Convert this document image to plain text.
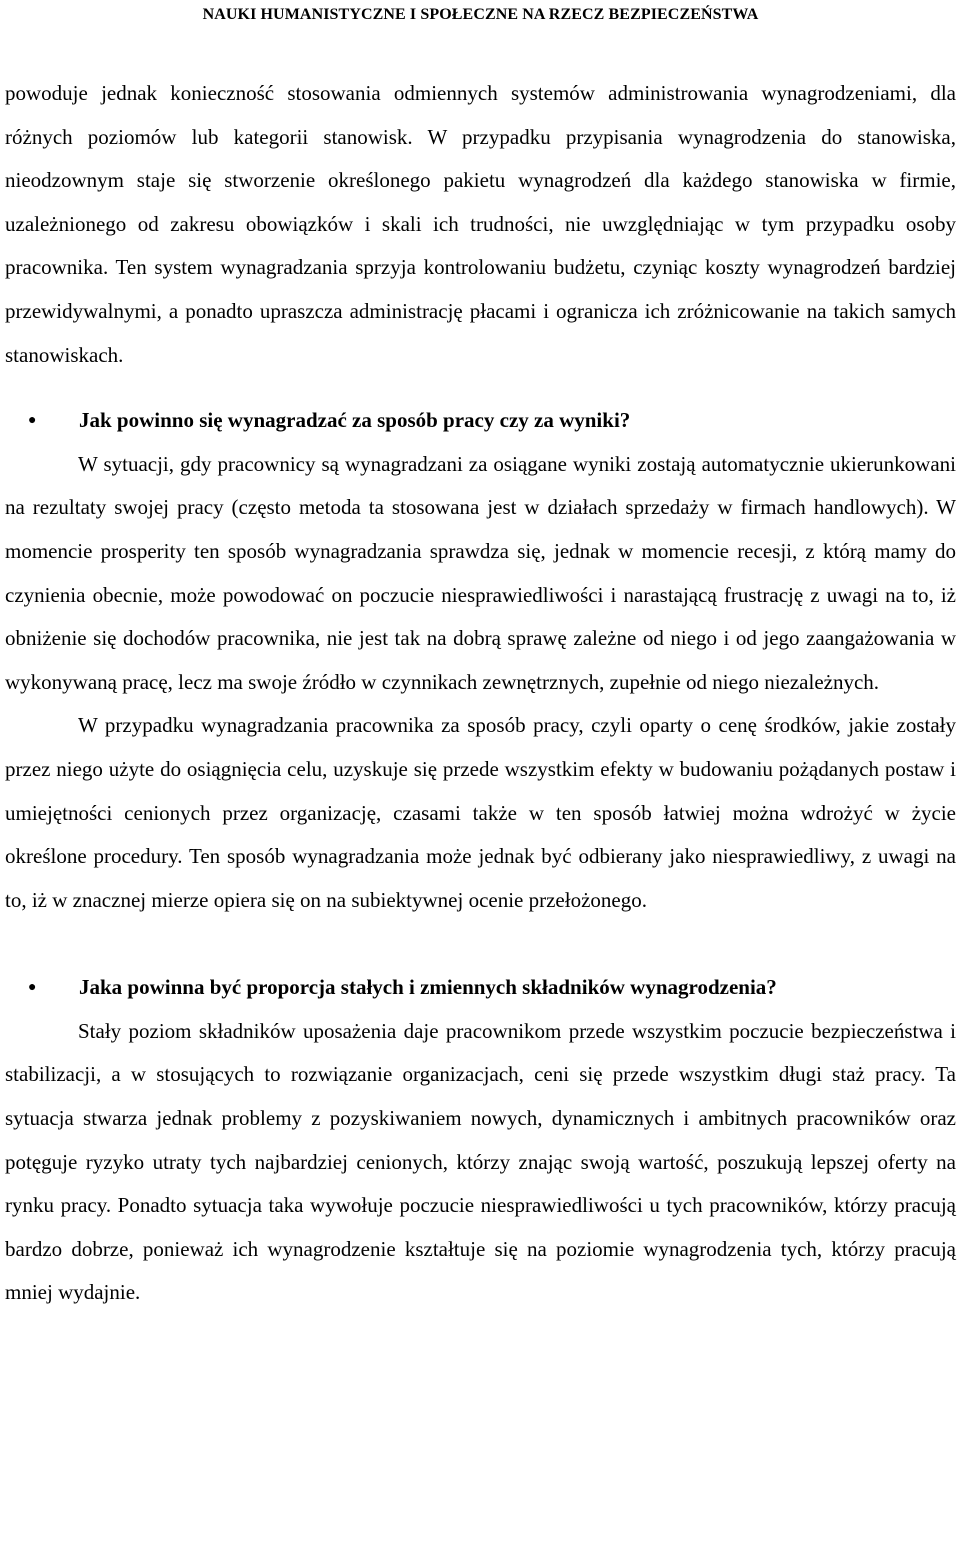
NAUKI HUMANISTYCZNE I SPOŁECZNE NA RZECZ BEZPIECZEŃSTWA

powoduje jednak konieczność stosowania odmiennych systemów administrowania wynagrodzeniami, dla różnych poziomów lub kategorii stanowisk. W przypadku przypisania wynagrodzenia do stanowiska, nieodzownym staje się stworzenie określonego pakietu wynagrodzeń dla każdego stanowiska w firmie, uzależnionego od zakresu obowiązków i skali ich trudności, nie uwzględniając w tym przypadku osoby pracownika. Ten system wynagradzania sprzyja kontrolowaniu budżetu, czyniąc koszty wynagrodzeń bardziej przewidywalnymi, a ponadto upraszcza administrację płacami i ogranicza ich zróżnicowanie na takich samych stanowiskach.

●	Jak powinno się wynagradzać za sposób pracy czy za wyniki?

W sytuacji, gdy pracownicy są wynagradzani za osiągane wyniki zostają automatycznie ukierunkowani na rezultaty swojej pracy (często metoda ta stosowana jest w działach sprzedaży w firmach handlowych). W momencie prosperity ten sposób wynagradzania sprawdza się, jednak w momencie recesji, z którą mamy do czynienia obecnie, może powodować on poczucie niesprawiedliwości i narastającą frustrację z uwagi na to, iż obniżenie się dochodów pracownika, nie jest tak na dobrą sprawę zależne od niego i od jego zaangażowania w wykonywaną pracę, lecz ma swoje źródło w czynnikach zewnętrznych, zupełnie od niego niezależnych.

W przypadku wynagradzania pracownika za sposób pracy, czyli oparty o cenę środków, jakie zostały przez niego użyte do osiągnięcia celu, uzyskuje się przede wszystkim efekty w budowaniu pożądanych postaw i umiejętności cenionych przez organizację, czasami także w ten sposób łatwiej można wdrożyć w życie określone procedury. Ten sposób wynagradzania może jednak być odbierany jako niesprawiedliwy, z uwagi na to, iż w znacznej mierze opiera się on na subiektywnej ocenie przełożonego.

●	Jaka powinna być proporcja stałych i zmiennych składników wynagrodzenia?

Stały poziom składników uposażenia daje pracownikom przede wszystkim poczucie bezpieczeństwa i stabilizacji, a w stosujących to rozwiązanie organizacjach, ceni się przede wszystkim długi staż pracy. Ta sytuacja stwarza jednak problemy z pozyskiwaniem nowych, dynamicznych i ambitnych pracowników oraz potęguje ryzyko utraty tych najbardziej cenionych, którzy znając swoją wartość, poszukują lepszej oferty na rynku pracy. Ponadto sytuacja taka wywołuje poczucie niesprawiedliwości u tych pracowników, którzy pracują bardzo dobrze, ponieważ ich wynagrodzenie kształtuje się na poziomie wynagrodzenia tych, którzy pracują mniej wydajnie.
